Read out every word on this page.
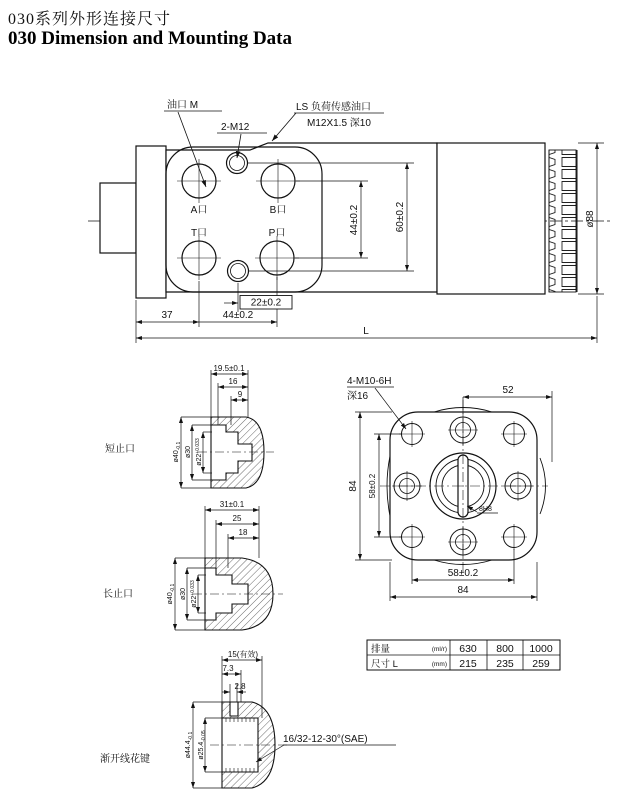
030系列外形连接尺寸
030 Dimension and Mounting Data
油口 M
2-M12
LS 负荷传感油口
M12X1.5 深10
A口	B口
T口	P口	44±0.2	60±0.2	ø88
22±0.2
37	44±0.2
L
短止口
19.5±0.1
16
9
$ø40_{-0.1}$ ø30
$ø22^{+0.033}$
长止口
31±0.1
25
18
$ø40_{-0.1}$ ø30
$ø22^{+0.033}$
渐开线花键
15(有效)
7.3
2.8
$ø44.4_{-0.1}$
$ø25.4_{-0.05}$	16/32-12-30°(SAE)
4-M10-6H
深16
52
84 58±0.2
8H8
58±0.2
84
排量	(ml/r) 630 800 1000
尺寸 L	(mm) 215 235 259
